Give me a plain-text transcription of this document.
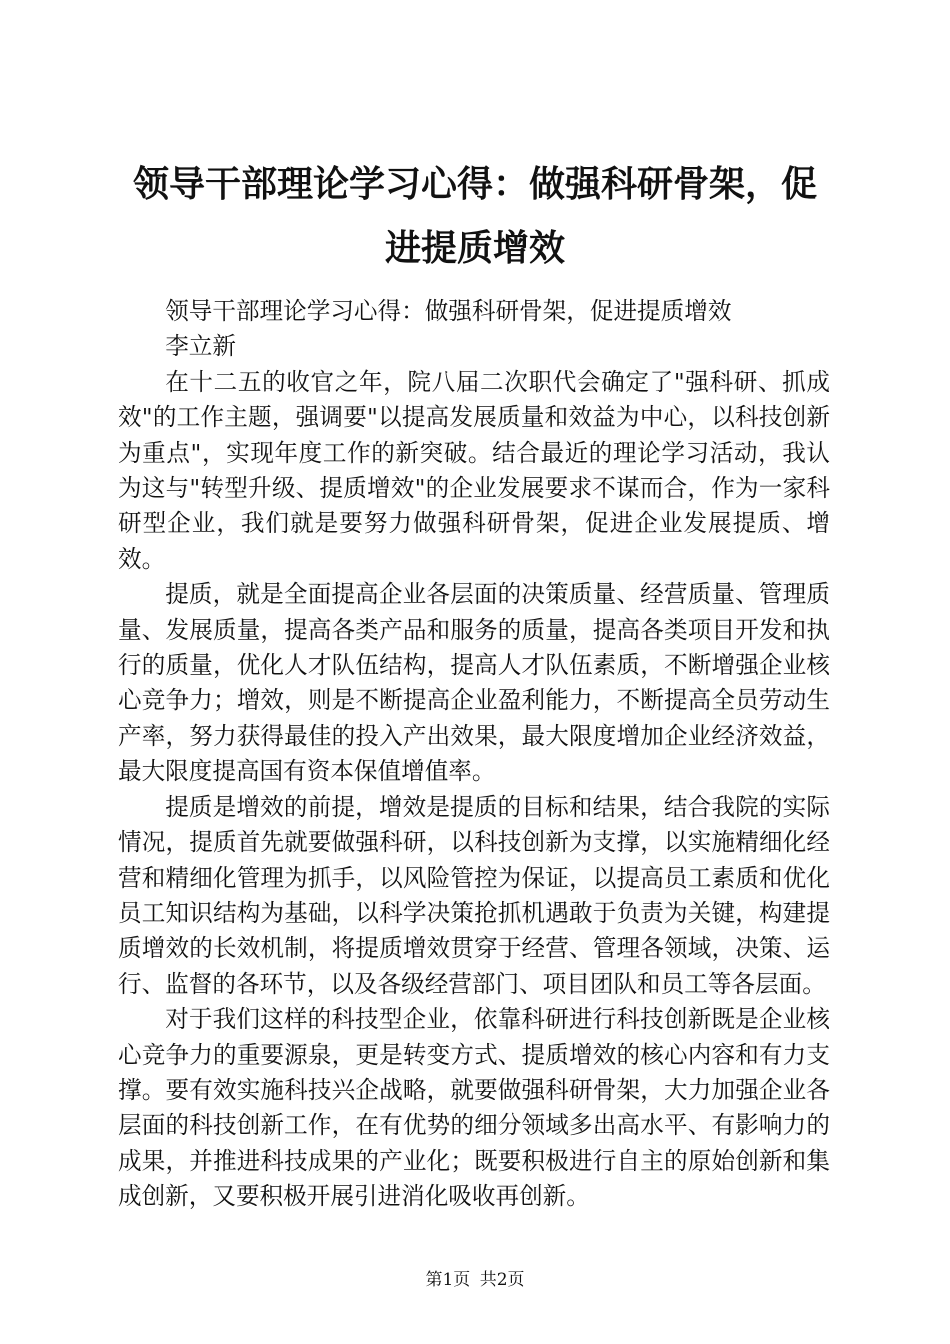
领导干部理论学习心得：做强科研骨架，促进提质增效

领导干部理论学习心得：做强科研骨架，促进提质增效

李立新

在十二五的收官之年，院八届二次职代会确定了"强科研、抓成效"的工作主题，强调要"以提高发展质量和效益为中心，以科技创新为重点"，实现年度工作的新突破。结合最近的理论学习活动，我认为这与"转型升级、提质增效"的企业发展要求不谋而合，作为一家科研型企业，我们就是要努力做强科研骨架，促进企业发展提质、增效。

提质，就是全面提高企业各层面的决策质量、经营质量、管理质量、发展质量，提高各类产品和服务的质量，提高各类项目开发和执行的质量，优化人才队伍结构，提高人才队伍素质，不断增强企业核心竞争力；增效，则是不断提高企业盈利能力，不断提高全员劳动生产率，努力获得最佳的投入产出效果，最大限度增加企业经济效益，最大限度提高国有资本保值增值率。

提质是增效的前提，增效是提质的目标和结果，结合我院的实际情况，提质首先就要做强科研，以科技创新为支撑，以实施精细化经营和精细化管理为抓手，以风险管控为保证，以提高员工素质和优化员工知识结构为基础，以科学决策抢抓机遇敢于负责为关键，构建提质增效的长效机制，将提质增效贯穿于经营、管理各领域，决策、运行、监督的各环节，以及各级经营部门、项目团队和员工等各层面。

对于我们这样的科技型企业，依靠科研进行科技创新既是企业核心竞争力的重要源泉，更是转变方式、提质增效的核心内容和有力支撑。要有效实施科技兴企战略，就要做强科研骨架，大力加强企业各层面的科技创新工作，在有优势的细分领域多出高水平、有影响力的成果，并推进科技成果的产业化；既要积极进行自主的原始创新和集成创新，又要积极开展引进消化吸收再创新。

第1页 共2页
